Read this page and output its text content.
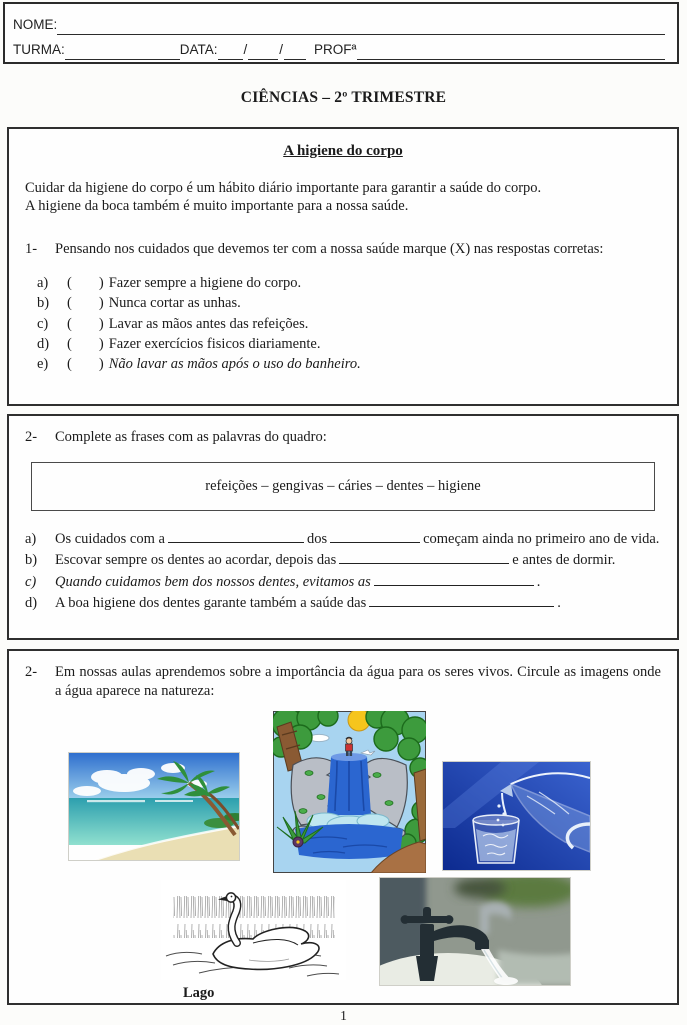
NOME:
TURMA:	DATA: / / PROFª
CIÊNCIAS – 2º TRIMESTRE
A higiene do corpo
Cuidar da higiene do corpo é um hábito diário importante para garantir a saúde do corpo.
A higiene da boca também é muito importante para a nossa saúde.
1-	Pensando nos cuidados que devemos ter com a nossa saúde marque (X) nas respostas corretas:
a)	( ) Fazer sempre a higiene do corpo.
b)	( ) Nunca cortar as unhas.
c)	( ) Lavar as mãos antes das refeições.
d)	( ) Fazer exercícios fisicos diariamente.
e)	( ) Não lavar as mãos após o uso do banheiro.
2-	Complete as frases com as palavras do quadro:
refeições – gengivas – cáries – dentes – higiene
a) Os cuidados com a	dos	começam ainda no primeiro ano de vida.
b) Escovar sempre os dentes ao acordar, depois das	e antes de dormir.
c) Quando cuidamos bem dos nossos dentes, evitamos as	.
d) A boa higiene dos dentes garante também a saúde das	.
2-	Em nossas aulas aprendemos sobre a importância da água para os seres vivos. Circule as imagens onde a água aparece na natureza:
Lago
1
